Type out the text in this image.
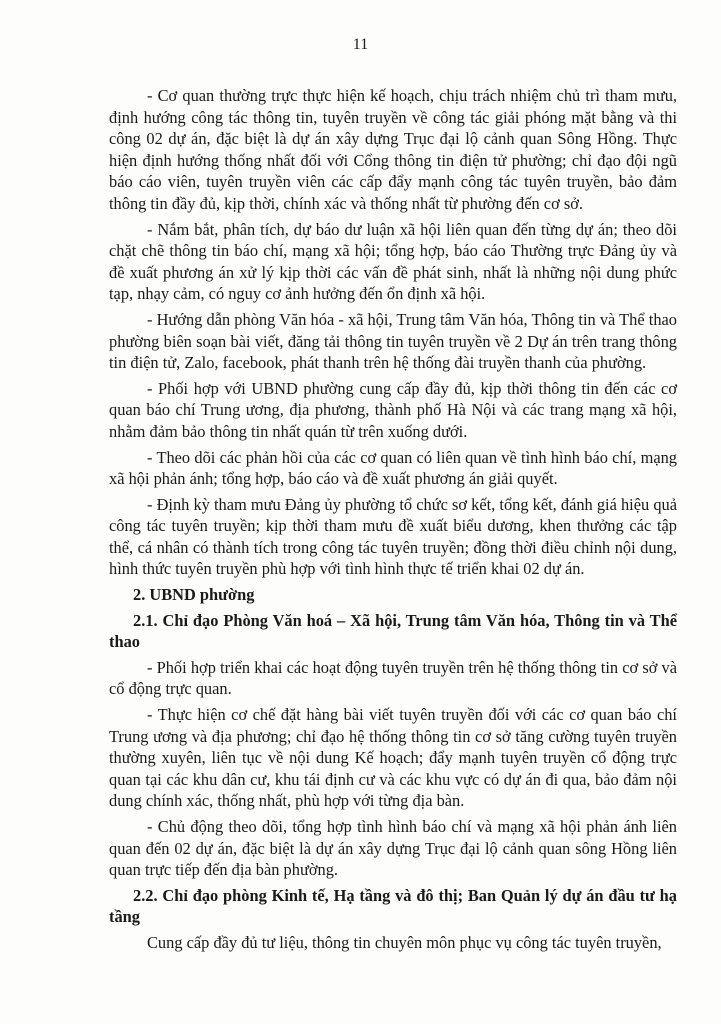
11

- Cơ quan thường trực thực hiện kế hoạch, chịu trách nhiệm chủ trì tham mưu, định hướng công tác thông tin, tuyên truyền về công tác giải phóng mặt bằng và thi công 02 dự án, đặc biệt là dự án xây dựng Trục đại lộ cảnh quan Sông Hồng. Thực hiện định hướng thống nhất đối với Cổng thông tin điện tử phường; chỉ đạo đội ngũ báo cáo viên, tuyên truyền viên các cấp đẩy mạnh công tác tuyên truyền, bảo đảm thông tin đầy đủ, kịp thời, chính xác và thống nhất từ phường đến cơ sở.

- Nắm bắt, phân tích, dự báo dư luận xã hội liên quan đến từng dự án; theo dõi chặt chẽ thông tin báo chí, mạng xã hội; tổng hợp, báo cáo Thường trực Đảng ủy và đề xuất phương án xử lý kịp thời các vấn đề phát sinh, nhất là những nội dung phức tạp, nhạy cảm, có nguy cơ ảnh hưởng đến ổn định xã hội.

- Hướng dẫn phòng Văn hóa - xã hội, Trung tâm Văn hóa, Thông tin và Thể thao phường biên soạn bài viết, đăng tải thông tin tuyên truyền về 2 Dự án trên trang thông tin điện tử, Zalo, facebook, phát thanh trên hệ thống đài truyền thanh của phường.

- Phối hợp với UBND phường cung cấp đầy đủ, kịp thời thông tin đến các cơ quan báo chí Trung ương, địa phương, thành phố Hà Nội và các trang mạng xã hội, nhằm đảm bảo thông tin nhất quán từ trên xuống dưới.

- Theo dõi các phản hồi của các cơ quan có liên quan về tình hình báo chí, mạng xã hội phản ánh; tổng hợp, báo cáo và đề xuất phương án giải quyết.

- Định kỳ tham mưu Đảng ủy phường tổ chức sơ kết, tổng kết, đánh giá hiệu quả công tác tuyên truyền; kịp thời tham mưu đề xuất biểu dương, khen thưởng các tập thể, cá nhân có thành tích trong công tác tuyên truyền; đồng thời điều chỉnh nội dung, hình thức tuyên truyền phù hợp với tình hình thực tế triển khai 02 dự án.

2. UBND phường
2.1. Chỉ đạo Phòng Văn hoá – Xã hội, Trung tâm Văn hóa, Thông tin và Thể thao

- Phối hợp triển khai các hoạt động tuyên truyền trên hệ thống thông tin cơ sở và cổ động trực quan.

- Thực hiện cơ chế đặt hàng bài viết tuyên truyền đối với các cơ quan báo chí Trung ương và địa phương; chỉ đạo hệ thống thông tin cơ sở tăng cường tuyên truyền thường xuyên, liên tục về nội dung Kế hoạch; đẩy mạnh tuyên truyền cổ động trực quan tại các khu dân cư, khu tái định cư và các khu vực có dự án đi qua, bảo đảm nội dung chính xác, thống nhất, phù hợp với từng địa bàn.

- Chủ động theo dõi, tổng hợp tình hình báo chí và mạng xã hội phản ánh liên quan đến 02 dự án, đặc biệt là dự án xây dựng Trục đại lộ cảnh quan sông Hồng liên quan trực tiếp đến địa bàn phường.

2.2. Chỉ đạo phòng Kinh tế, Hạ tầng và đô thị; Ban Quản lý dự án đầu tư hạ tầng

Cung cấp đầy đủ tư liệu, thông tin chuyên môn phục vụ công tác tuyên truyền,
